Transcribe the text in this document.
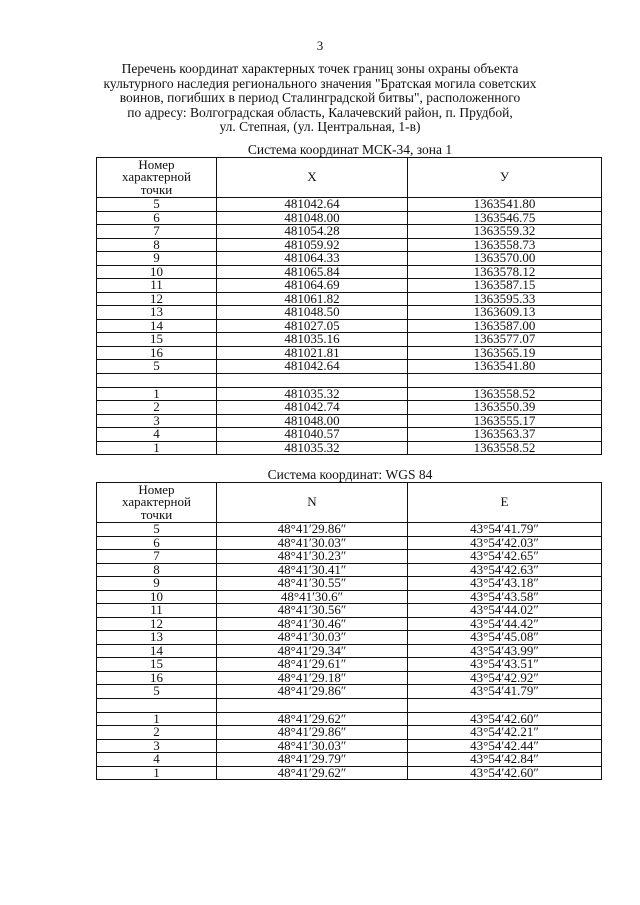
3
Перечень координат характерных точек границ зоны охраны объекта
культурного наследия регионального значения "Братская могила советских
воинов, погибших в период Сталинградской битвы", расположенного
по адресу: Волгоградская область, Калачевский район, п. Прудбой,
ул. Степная, (ул. Центральная, 1-в)
Система координат МСК-34, зона 1
Номер
характерной
точки	X	У
5	481042.64	1363541.80
6	481048.00	1363546.75
7	481054.28	1363559.32
8	481059.92	1363558.73
9	481064.33	1363570.00
10	481065.84	1363578.12
11	481064.69	1363587.15
12	481061.82	1363595.33
13	481048.50	1363609.13
14	481027.05	1363587.00
15	481035.16	1363577.07
16	481021.81	1363565.19
5	481042.64	1363541.80

1	481035.32	1363558.52
2	481042.74	1363550.39
3	481048.00	1363555.17
4	481040.57	1363563.37
1	481035.32	1363558.52
Система координат: WGS 84
Номер
характерной
точки	N	E
5	48°41′29.86″	43°54′41.79″
6	48°41′30.03″	43°54′42.03″
7	48°41′30.23″	43°54′42.65″
8	48°41′30.41″	43°54′42.63″
9	48°41′30.55″	43°54′43.18″
10	48°41′30.6″	43°54′43.58″
11	48°41′30.56″	43°54′44.02″
12	48°41′30.46″	43°54′44.42″
13	48°41′30.03″	43°54′45.08″
14	48°41′29.34″	43°54′43.99″
15	48°41′29.61″	43°54′43.51″
16	48°41′29.18″	43°54′42.92″
5	48°41′29.86″	43°54′41.79″

1	48°41′29.62″	43°54′42.60″
2	48°41′29.86″	43°54′42.21″
3	48°41′30.03″	43°54′42.44″
4	48°41′29.79″	43°54′42.84″
1	48°41′29.62″	43°54′42.60″
